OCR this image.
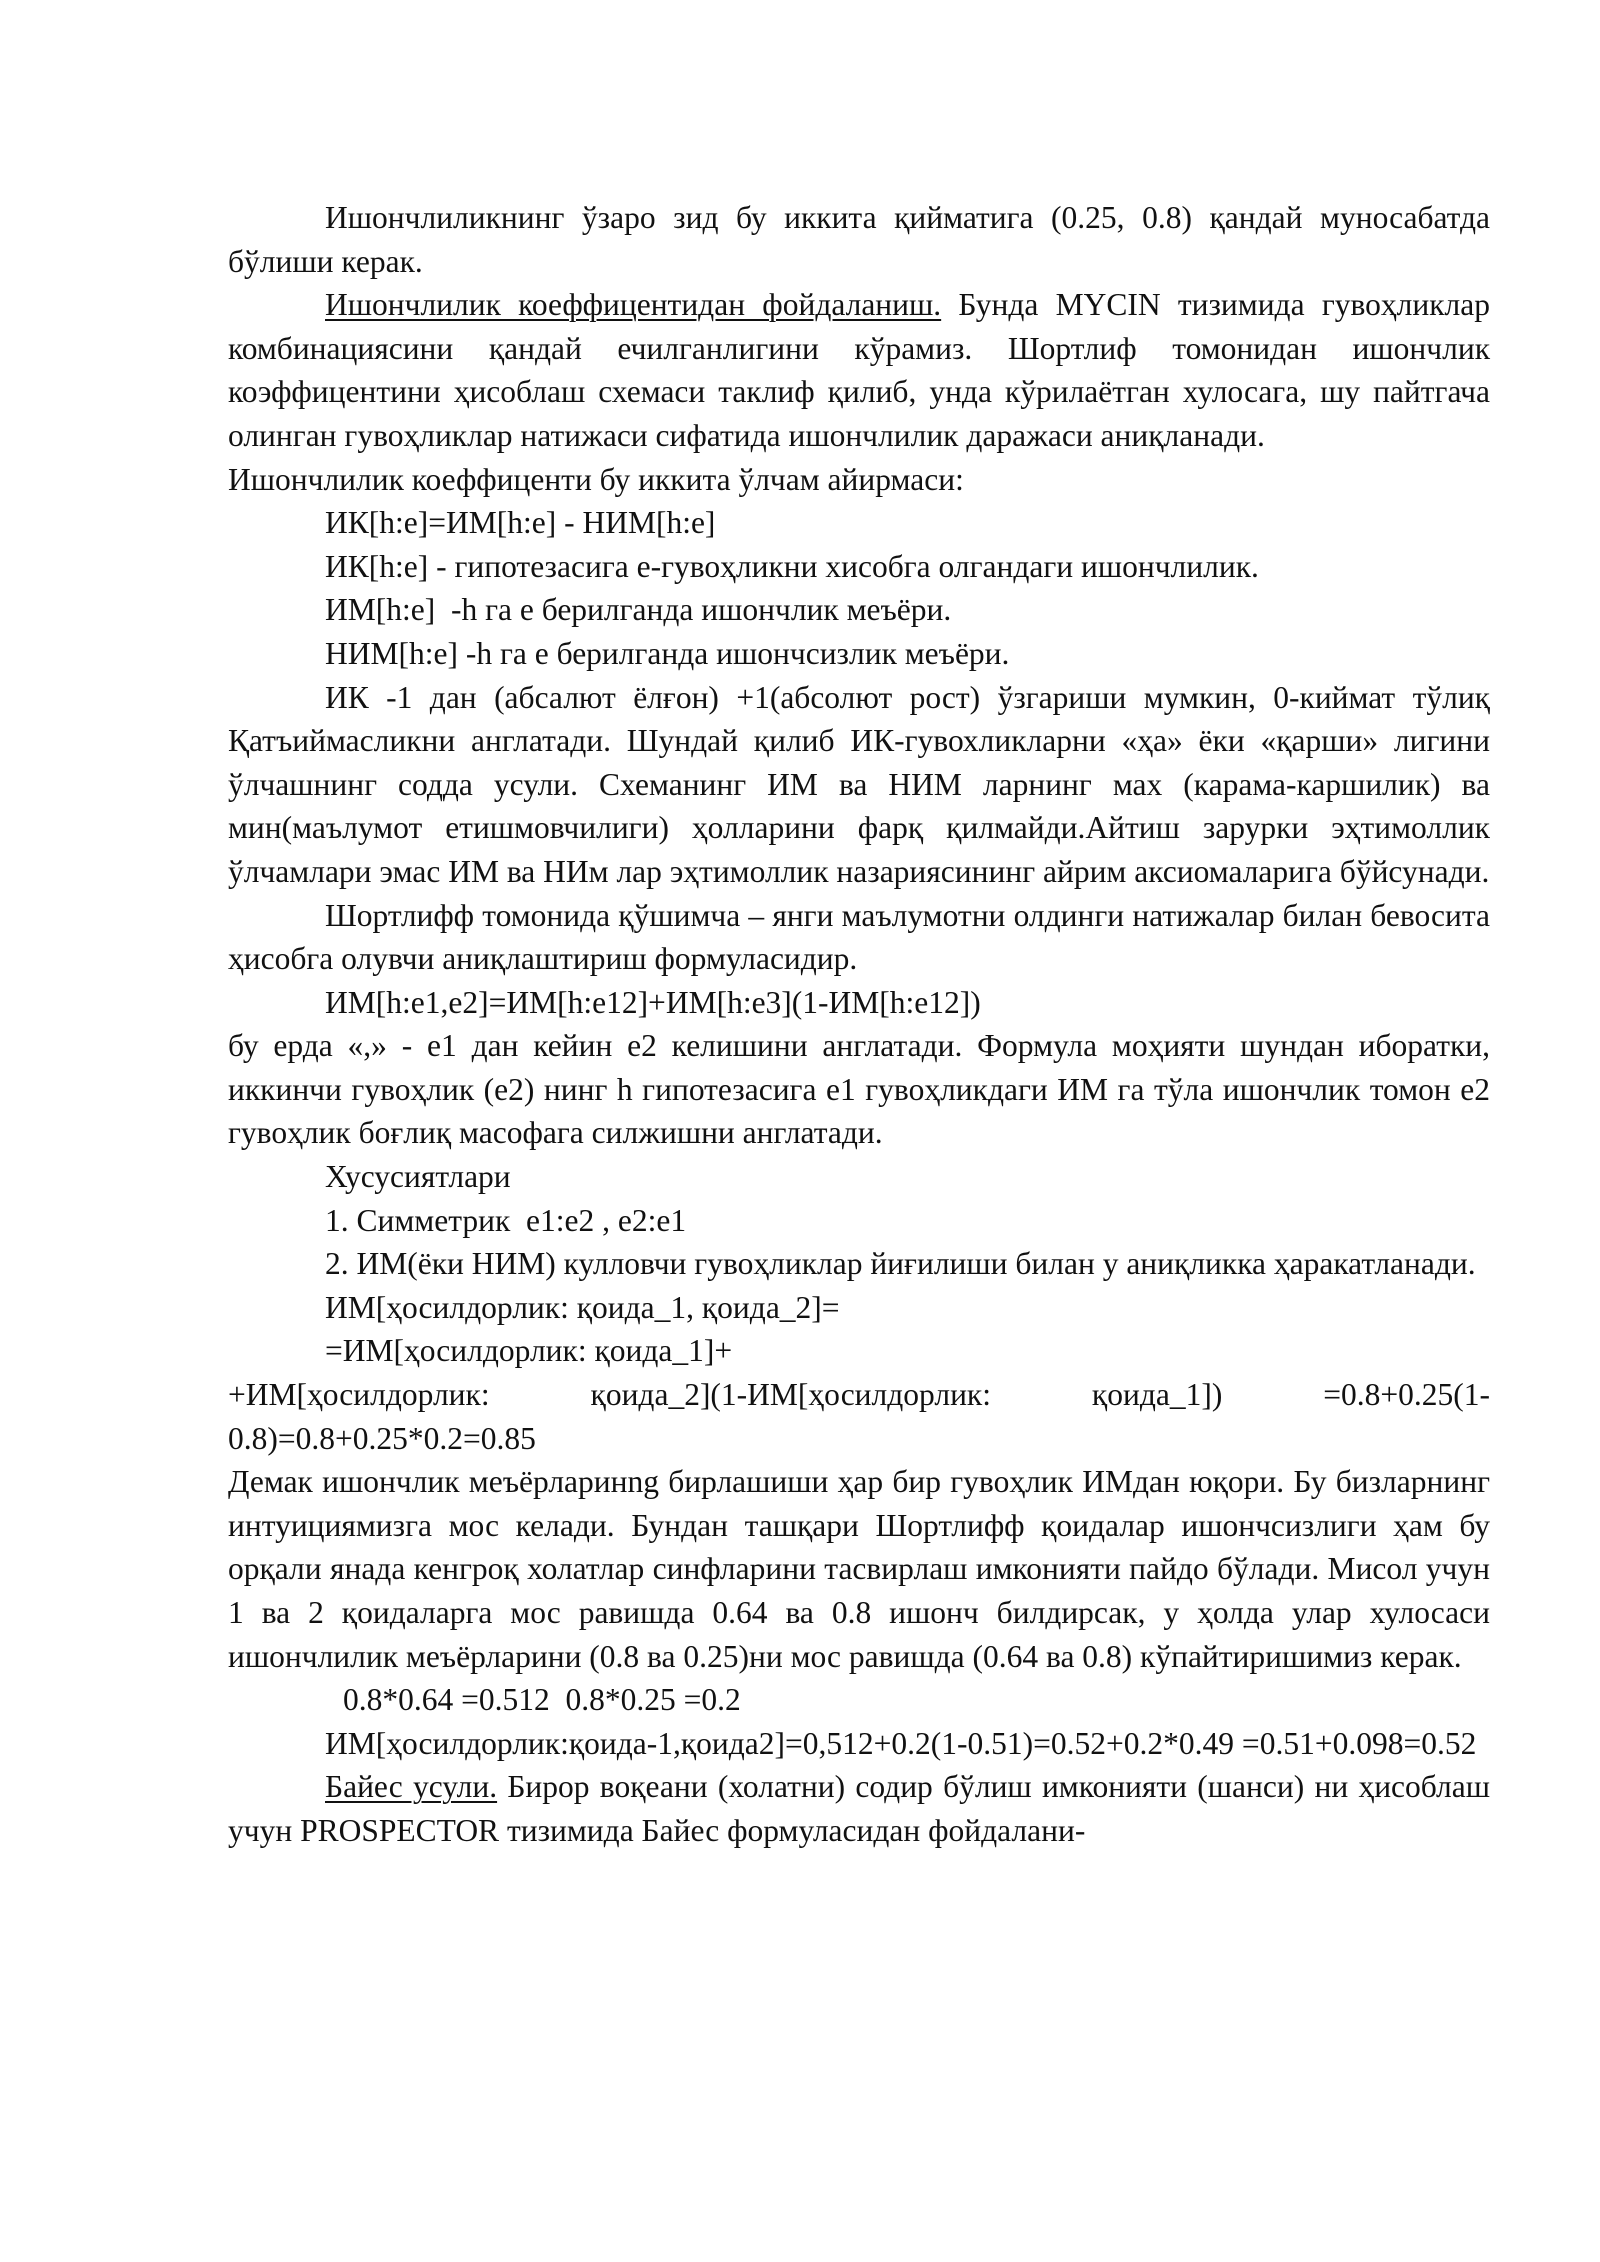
Ишончлиликнинг ўзаро зид бу иккита қийматига (0.25, 0.8) қандай муносабатда бўлиши керак.

Ишончлилик коеффицентидан фойдаланиш. Бунда MYCIN тизимида гувоҳликлар комбинациясини қандай ечилганлигини кўрамиз. Шортлиф томонидан ишончлик коэффицентини ҳисоблаш схемаси таклиф қилиб, унда кўрилаётган хулосага, шу пайтгача олинган гувоҳликлар натижаси сифатида ишончлилик даражаси аниқланади.

Ишончлилик коеффиценти бу иккита ўлчам айирмаси:

ИК[h:e]=ИМ[h:e] - НИМ[h:e]

ИК[h:e] - гипотезасига е-гувоҳликни хисобга олгандаги ишончлилик.

ИМ[h:e]  -h га е берилганда ишончлик меъёри.

НИМ[h:e] -h га е берилганда ишончсизлик меъёри.

ИК -1 дан (абсалют ёлғон) +1(абсолют рост) ўзгариши мумкин, 0-киймат тўлиқ Қатъиймасликни англатади. Шундай қилиб ИК-гувохликларни «ҳа» ёки «қарши» лигини ўлчашнинг содда усули. Схеманинг ИМ ва НИМ ларнинг мах (карама-каршилик) ва мин(маълумот етишмовчилиги) ҳолларини фарқ қилмайди.Айтиш зарурки эҳтимоллик ўлчамлари эмас ИМ ва НИм лар эҳтимоллик назариясининг айрим аксиомаларига бўйсунади.

Шортлифф томонида қўшимча – янги маълумотни олдинги натижалар билан бевосита ҳисобга олувчи аниқлаштириш формуласидир.

ИМ[h:e1,e2]=ИМ[h:e12]+ИМ[h:e3](1-ИМ[h:e12])

бу ерда «,» - е1 дан кейин е2 келишини англатади. Формула моҳияти шундан иборатки, иккинчи гувоҳлик (е2) нинг h гипотезасига е1 гувоҳликдаги ИМ га тўла ишончлик томон е2 гувоҳлик боғлиқ масофага силжишни англатади.

Хусусиятлари

1. Симметрик  e1:e2 , e2:e1

2. ИМ(ёки НИМ) кулловчи гувоҳликлар йиғилиши билан у аниқликка ҳаракатланади.

ИМ[ҳосилдорлик: қоида_1, қоида_2]=

=ИМ[ҳосилдорлик: қоида_1]+

+ИМ[ҳосилдорлик: қоида_2](1-ИМ[ҳосилдорлик: қоида_1]) =0.8+0.25(1-0.8)=0.8+0.25*0.2=0.85

Демак ишончлик меъёрларинng бирлашиши ҳар бир гувоҳлик ИМдан юқори. Бу бизларнинг интуициямизга мос келади. Бундан ташқари Шортлифф қоидалар ишончсизлиги ҳам бу орқали янада кенгроқ холатлар синфларини тасвирлаш имконияти пайдо бўлади. Мисол учун 1 ва 2 қоидаларга мос равишда 0.64 ва 0.8 ишонч билдирсак, у ҳолда улар хулосаси ишончлилик меъёрларини (0.8 ва 0.25)ни мос равишда (0.64 ва 0.8) кўпайтиришимиз керак.

0.8*0.64 =0.512  0.8*0.25 =0.2

ИМ[ҳосилдорлик:қоида-1,қоида2]=0,512+0.2(1-0.51)=0.52+0.2*0.49 =0.51+0.098=0.52

Байес усули. Бирор воқеани (холатни) содир бўлиш имконияти (шанси) ни ҳисоблаш учун PROSPECTOR тизимида Байес формуласидан фойдалани-
